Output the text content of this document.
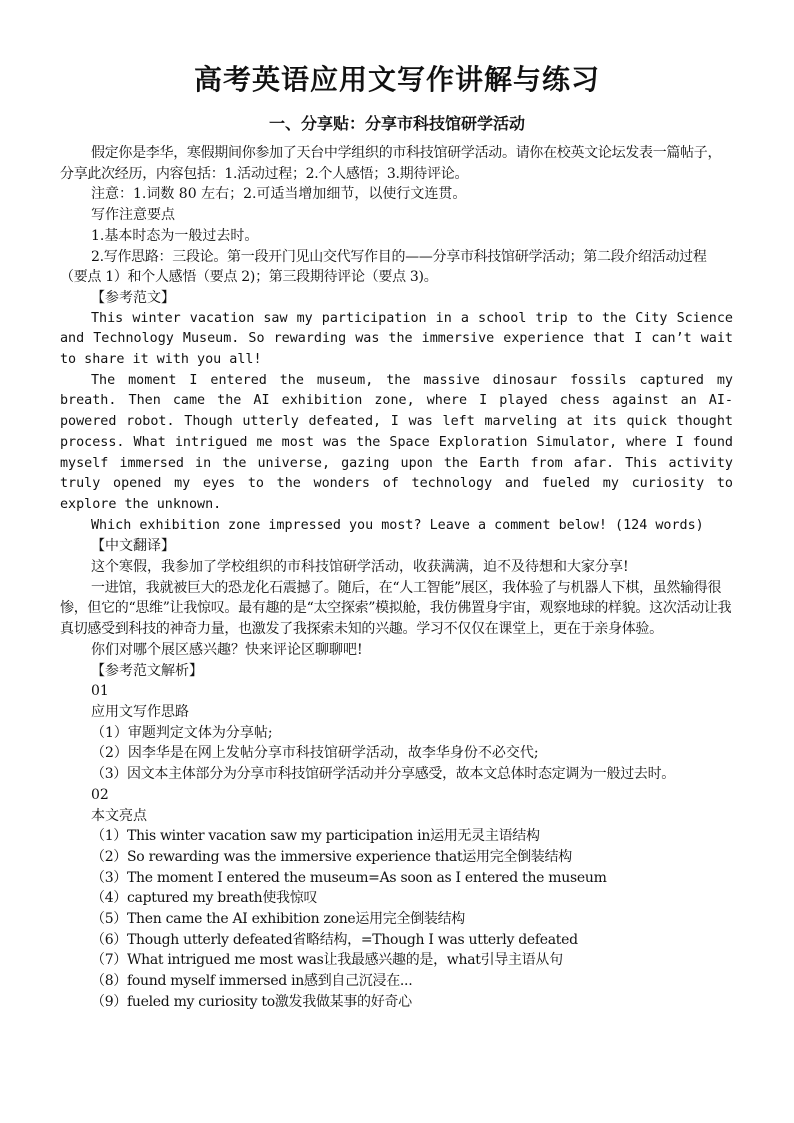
高考英语应用文写作讲解与练习
一、分享贴：分享市科技馆研学活动

假定你是李华，寒假期间你参加了天台中学组织的市科技馆研学活动。请你在校英文论坛发表一篇帖子，分享此次经历，内容包括：1.活动过程；2.个人感悟；3.期待评论。

注意：1.词数 80 左右；2.可适当增加细节，以使行文连贯。

写作注意要点

1.基本时态为一般过去时。

2.写作思路：三段论。第一段开门见山交代写作目的——分享市科技馆研学活动；第二段介绍活动过程（要点 1）和个人感悟（要点 2)；第三段期待评论（要点 3)。

【参考范文】

This winter vacation saw my participation in a school trip to the City Science and Technology Museum. So rewarding was the immersive experience that I can’t wait to share it with you all!

The moment I entered the museum, the massive dinosaur fossils captured my breath. Then came the AI exhibition zone, where I played chess against an AI-powered robot. Though utterly defeated, I was left marveling at its quick thought process. What intrigued me most was the Space Exploration Simulator, where I found myself immersed in the universe, gazing upon the Earth from afar. This activity truly opened my eyes to the wonders of technology and fueled my curiosity to explore the unknown.

Which exhibition zone impressed you most? Leave a comment below! (124 words)

【中文翻译】

这个寒假，我参加了学校组织的市科技馆研学活动，收获满满，迫不及待想和大家分享!

一进馆，我就被巨大的恐龙化石震撼了。随后，在“人工智能”展区，我体验了与机器人下棋，虽然输得很惨，但它的“思维”让我惊叹。最有趣的是“太空探索”模拟舱，我仿佛置身宇宙，观察地球的样貌。这次活动让我真切感受到科技的神奇力量，也激发了我探索未知的兴趣。学习不仅仅在课堂上，更在于亲身体验。

你们对哪个展区感兴趣？快来评论区聊聊吧!

【参考范文解析】

01

应用文写作思路

（1）审题判定文体为分享帖;

（2）因李华是在网上发帖分享市科技馆研学活动，故李华身份不必交代;

（3）因文本主体部分为分享市科技馆研学活动并分享感受，故本文总体时态定调为一般过去时。

02

本文亮点

（1）This winter vacation saw my participation in运用无灵主语结构

（2）So rewarding was the immersive experience that运用完全倒装结构

（3）The moment I entered the museum=As soon as I entered the museum

（4）captured my breath使我惊叹

（5）Then came the AI exhibition zone运用完全倒装结构

（6）Though utterly defeated省略结构，=Though I was utterly defeated

（7）What intrigued me most was让我最感兴趣的是，what引导主语从句

（8）found myself immersed in感到自己沉浸在...

（9）fueled my curiosity to激发我做某事的好奇心
